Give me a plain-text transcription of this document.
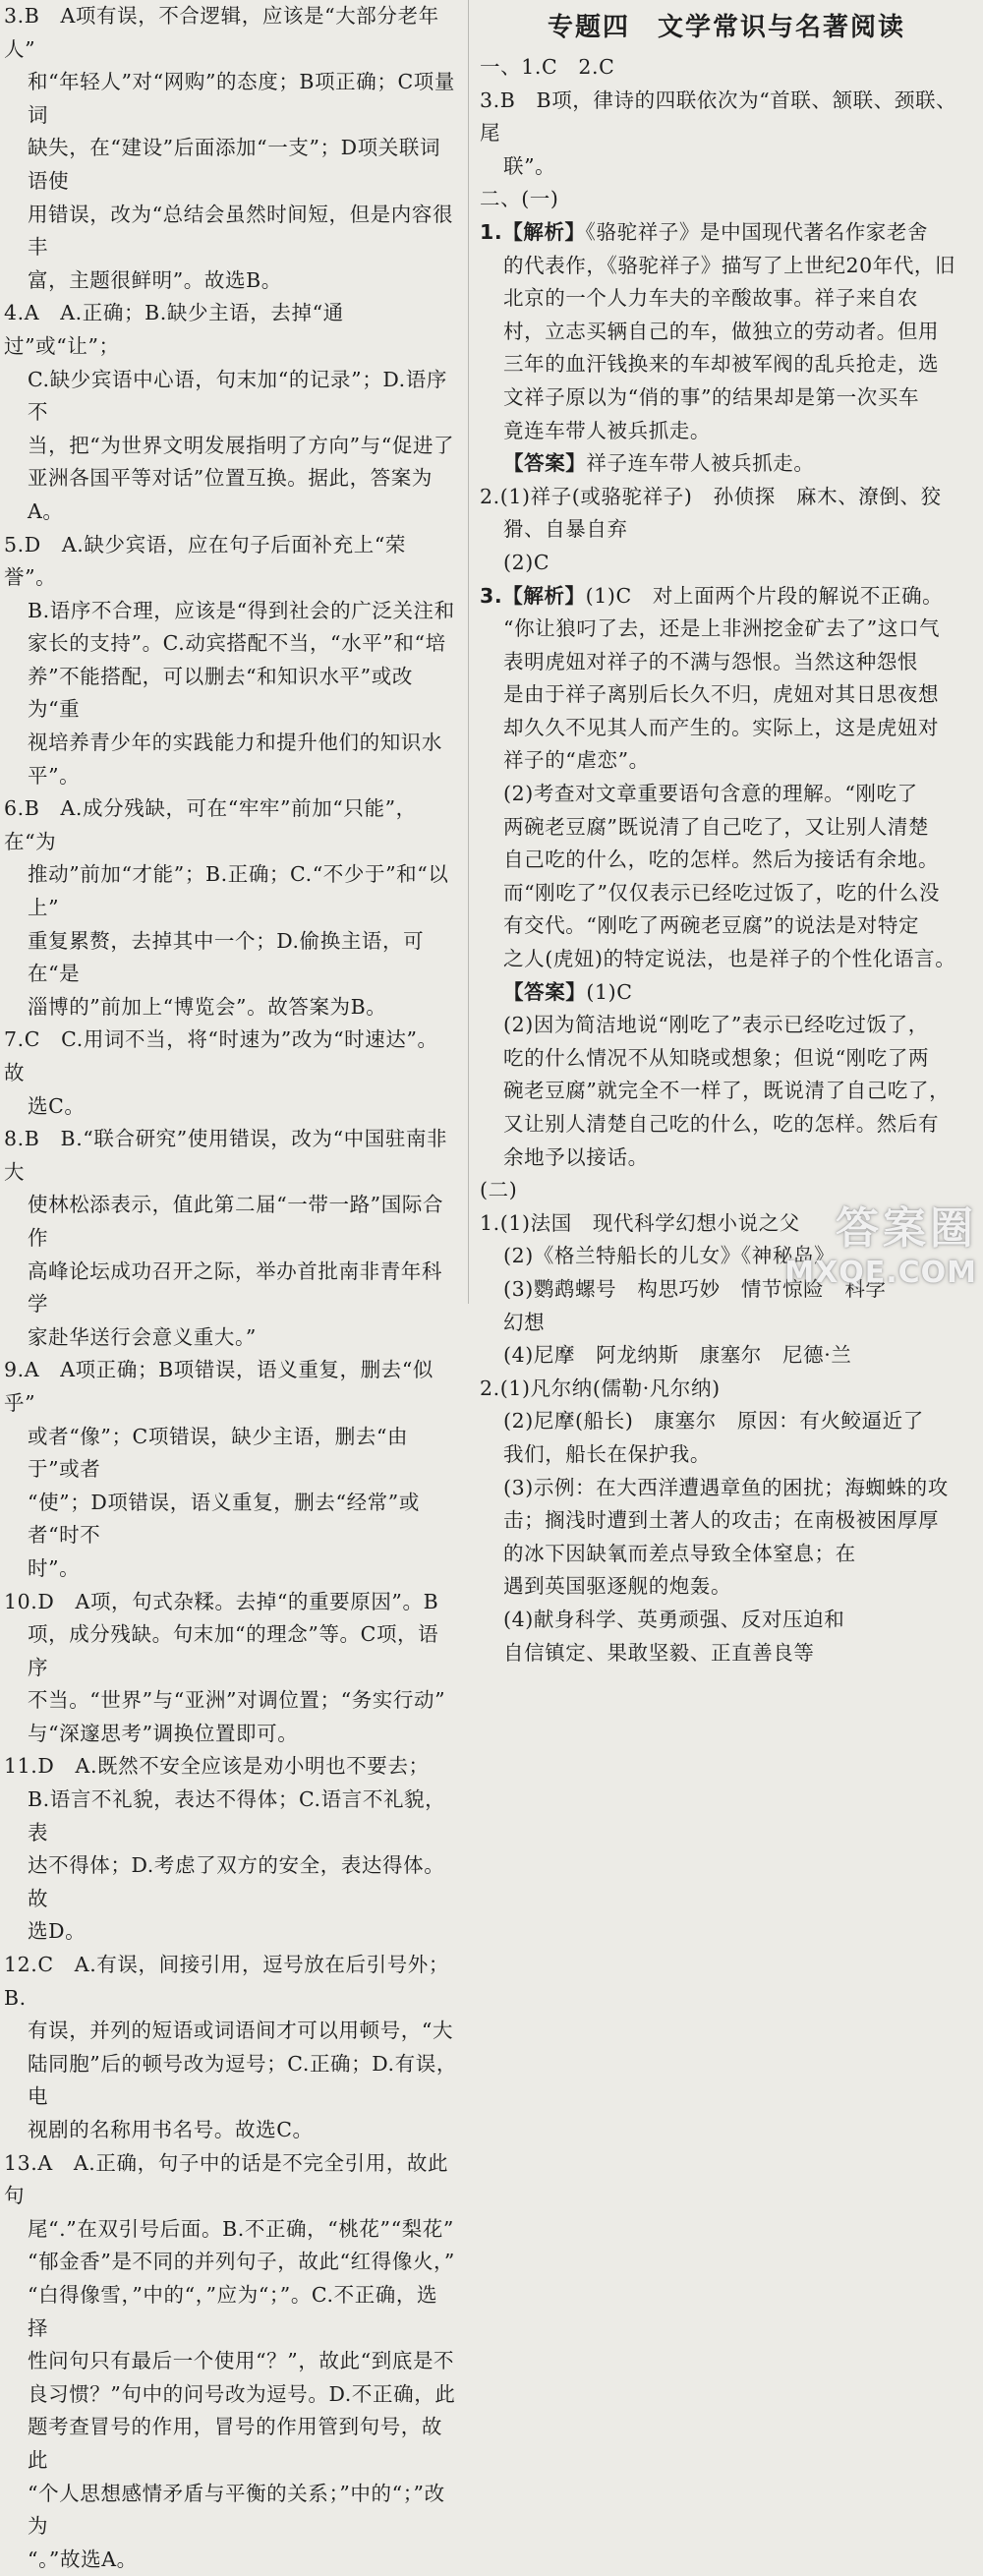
3.B　A项有误，不合逻辑，应该是“大部分老年人”
和“年轻人”对“网购”的态度；B项正确；C项量词
缺失，在“建设”后面添加“一支”；D项关联词语使
用错误，改为“总结会虽然时间短，但是内容很丰
富，主题很鲜明”。故选B。
4.A　A.正确；B.缺少主语，去掉“通过”或“让”；
C.缺少宾语中心语，句末加“的记录”；D.语序不
当，把“为世界文明发展指明了方向”与“促进了
亚洲各国平等对话”位置互换。据此，答案为A。
5.D　A.缺少宾语，应在句子后面补充上“荣誉”。
B.语序不合理，应该是“得到社会的广泛关注和
家长的支持”。C.动宾搭配不当，“水平”和“培
养”不能搭配，可以删去“和知识水平”或改为“重
视培养青少年的实践能力和提升他们的知识水
平”。
6.B　A.成分残缺，可在“牢牢”前加“只能”，在“为
推动”前加“才能”；B.正确；C.“不少于”和“以上”
重复累赘，去掉其中一个；D.偷换主语，可在“是
淄博的”前加上“博览会”。故答案为B。
7.C　C.用词不当，将“时速为”改为“时速达”。故
选C。
8.B　B.“联合研究”使用错误，改为“中国驻南非大
使林松添表示，值此第二届“一带一路”国际合作
高峰论坛成功召开之际，举办首批南非青年科学
家赴华送行会意义重大。”
9.A　A项正确；B项错误，语义重复，删去“似乎”
或者“像”；C项错误，缺少主语，删去“由于”或者
“使”；D项错误，语义重复，删去“经常”或者“时不
时”。
10.D　A项，句式杂糅。去掉“的重要原因”。B
项，成分残缺。句末加“的理念”等。C项，语序
不当。“世界”与“亚洲”对调位置；“务实行动”
与“深邃思考”调换位置即可。
11.D　A.既然不安全应该是劝小明也不要去；
B.语言不礼貌，表达不得体；C.语言不礼貌，表
达不得体；D.考虑了双方的安全，表达得体。故
选D。
12.C　A.有误，间接引用，逗号放在后引号外；B.
有误，并列的短语或词语间才可以用顿号，“大
陆同胞”后的顿号改为逗号；C.正确；D.有误，电
视剧的名称用书名号。故选C。
13.A　A.正确，句子中的话是不完全引用，故此句
尾“.”在双引号后面。B.不正确，“桃花”“梨花”
“郁金香”是不同的并列句子，故此“红得像火，”
“白得像雪，”中的“，”应为“；”。C.不正确，选择
性问句只有最后一个使用“？”，故此“到底是不
良习惯？”句中的问号改为逗号。D.不正确，此
题考查冒号的作用，冒号的作用管到句号，故此
“个人思想感情矛盾与平衡的关系；”中的“；”改为
“。”故选A。
专题四　文学常识与名著阅读
一、1.C　2.C
3.B　B项，律诗的四联依次为“首联、颔联、颈联、尾
联”。
二、(一)
1.【解析】《骆驼祥子》是中国现代著名作家老舍
的代表作，《骆驼祥子》描写了上世纪20年代，旧
北京的一个人力车夫的辛酸故事。祥子来自农
村，立志买辆自己的车，做独立的劳动者。但用
三年的血汗钱换来的车却被军阀的乱兵抢走，选
文祥子原以为“俏的事”的结果却是第一次买车
竟连车带人被兵抓走。
【答案】祥子连车带人被兵抓走。
2.(1)祥子(或骆驼祥子)　孙侦探　麻木、潦倒、狡
猾、自暴自弃
(2)C
3.【解析】(1)C　对上面两个片段的解说不正确。
“你让狼叼了去，还是上非洲挖金矿去了”这口气
表明虎妞对祥子的不满与怨恨。当然这种怨恨
是由于祥子离别后长久不归，虎妞对其日思夜想
却久久不见其人而产生的。实际上，这是虎妞对
祥子的“虐恋”。
(2)考查对文章重要语句含意的理解。“刚吃了
两碗老豆腐”既说清了自己吃了，又让别人清楚
自己吃的什么，吃的怎样。然后为接话有余地。
而“刚吃了”仅仅表示已经吃过饭了，吃的什么没
有交代。“刚吃了两碗老豆腐”的说法是对特定
之人(虎妞)的特定说法，也是祥子的个性化语言。
【答案】(1)C
(2)因为简洁地说“刚吃了”表示已经吃过饭了，
吃的什么情况不从知晓或想象；但说“刚吃了两
碗老豆腐”就完全不一样了，既说清了自己吃了，
又让别人清楚自己吃的什么，吃的怎样。然后有
余地予以接话。
(二)
1.(1)法国　现代科学幻想小说之父
(2)《格兰特船长的儿女》《神秘岛》
(3)鹦鹉螺号　构思巧妙　情节惊险　科学
幻想
(4)尼摩　阿龙纳斯　康塞尔　尼德·兰
2.(1)凡尔纳(儒勒·凡尔纳)
(2)尼摩(船长)　康塞尔　原因：有火鲛逼近了
我们，船长在保护我。
(3)示例：在大西洋遭遇章鱼的困扰；海蜘蛛的攻
击；搁浅时遭到土著人的攻击；在南极被困厚厚
的冰下因缺氧而差点导致全体窒息；在
遇到英国驱逐舰的炮轰。
(4)献身科学、英勇顽强、反对压迫和
自信镇定、果敢坚毅、正直善良等
答案圈
MXQE.COM
